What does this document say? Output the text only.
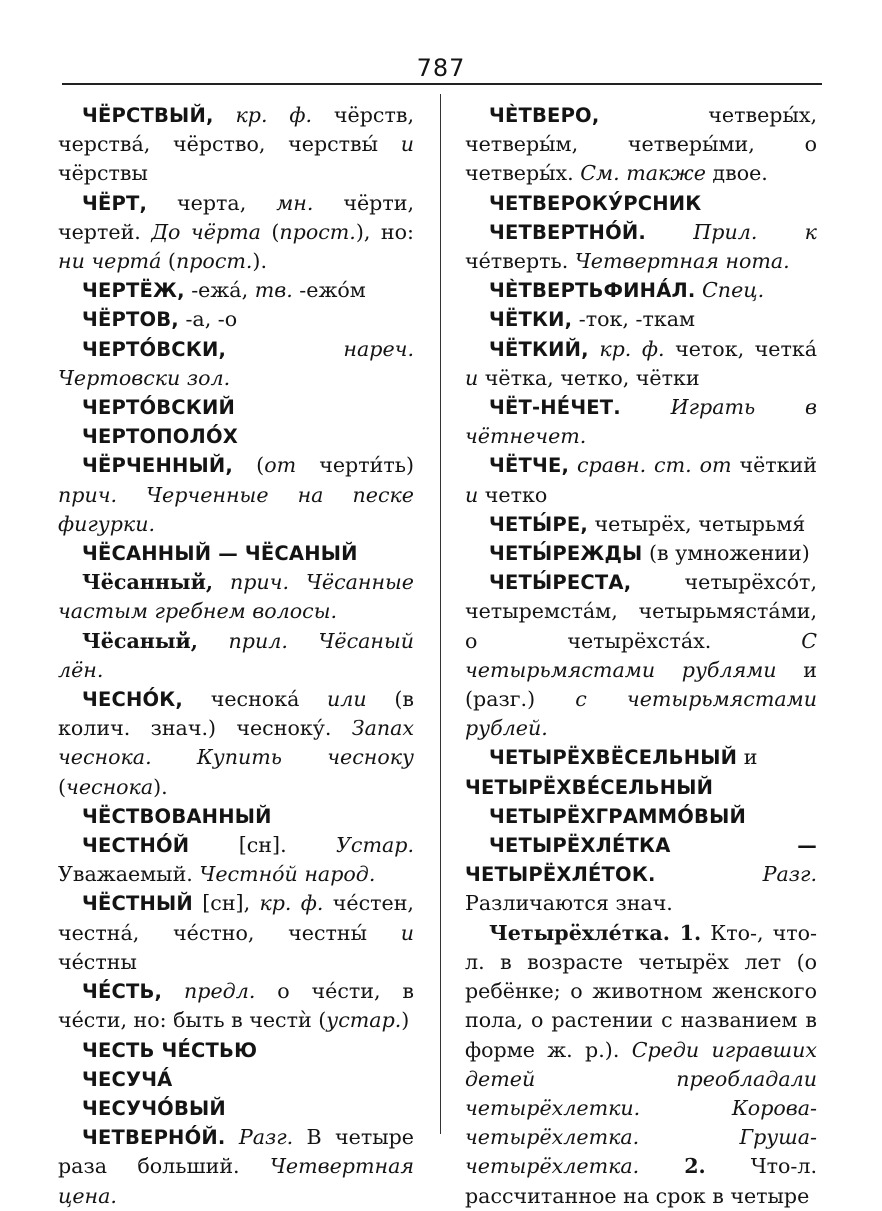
787

ЧЁРСТВЫЙ, кр. ф. чёрств, черства́, чёрство, черствы́ и чёрствы

ЧЁРТ, черта, мн. чёрти, чертей. До чёрта (прост.), но: ни черта́ (прост.).

ЧЕРТЁЖ, -ежа́, тв. -ежо́м

ЧЁРТОВ, -а, -о

ЧЕРТО́ВСКИ, нареч. Чертовски зол.

ЧЕРТО́ВСКИЙ

ЧЕРТОПОЛО́Х

ЧЁРЧЕННЫЙ, (от черти́ть) прич. Черченные на песке фигурки.

ЧЁСАННЫЙ — ЧЁСАНЫЙ

Чёсанный, прич. Чёсанные частым гребнем волосы.

Чёсаный, прил. Чёсаный лён.

ЧЕСНО́К, чеснока́ или (в колич. знач.) чесноку́. Запах чеснока. Купить чесноку (чеснока).

ЧЁСТВОВАННЫЙ

ЧЕСТНО́Й [сн]. Устар. Уважаемый. Честно́й народ.

ЧЁСТНЫЙ [сн], кр. ф. че́стен, честна́, че́стно, честны́ и че́стны

ЧЕ́СТЬ, предл. о че́сти, в че́сти, но: быть в честѝ (устар.)

ЧЕСТЬ ЧЕ́СТЬЮ

ЧЕСУЧА́

ЧЕСУЧО́ВЫЙ

ЧЕТВЕРНО́Й. Разг. В четыре раза больший. Четвертная цена.

ЧЀТВЕРО, четверы́х, четверы́м, четверы́ми, о четверы́х. См. также двое.

ЧЕТВЕРОКУ́РСНИК

ЧЕТВЕРТНО́Й. Прил. к че́тверть. Четвертная нота.

ЧЀТВЕРТЬФИНА́Л. Спец.

ЧЁТКИ, -ток, -ткам

ЧЁТКИЙ, кр. ф. четок, четка́ и чётка, четко, чётки

ЧЁТ-НЕ́ЧЕТ. Играть в чётнечет.

ЧЁТЧЕ, сравн. ст. от чёткий и четко

ЧЕТЫ́РЕ, четырёх, четырьмя́

ЧЕТЫ́РЕЖДЫ (в умножении)

ЧЕТЫ́РЕСТА, четырёхсо́т, четыремста́м, четырьмяста́ми, о четырёхста́х. С четырьмястами рублями и (разг.) с четырьмястами рублей.

ЧЕТЫРЁХВЁСЕЛЬНЫЙ и

ЧЕТЫРЁХВЕ́СЕЛЬНЫЙ

ЧЕТЫРЁХГРАММО́ВЫЙ

ЧЕТЫРЁХЛЕ́ТКА — ЧЕТЫРЁХЛЕ́ТОК. Разг. Различаются знач.

Четырёхле́тка. 1. Кто-, что-л. в возрасте четырёх лет (о ребёнке; о животном женского пола, о растении с названием в форме ж. р.). Среди игравших детей преобладали четырёхлетки. Корова-четырёхлетка. Груша-четырёхлетка. 2. Что-л. рассчитанное на срок в четыре
